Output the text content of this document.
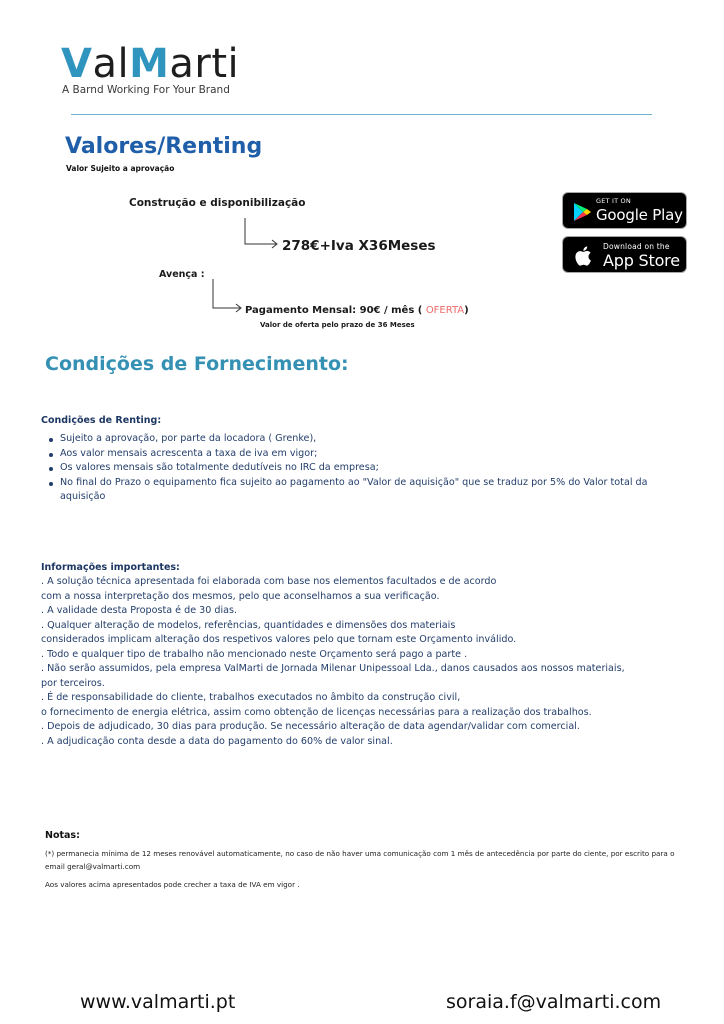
ValMarti
A Barnd Working For Your Brand
Valores/Renting
Valor Sujeito a aprovação
Construção e disponibilização
278€+Iva X36Meses
Avença :
Pagamento Mensal: 90€ / mês ( OFERTA)
Valor de oferta pelo prazo de 36 Meses
GET IT ON
Google Play
Download on the
App Store
Condições de Fornecimento:
Condições de Renting:
Sujeito a aprovação, por parte da locadora ( Grenke),
Aos valor mensais acrescenta a taxa de iva em vigor;
Os valores mensais são totalmente dedutíveis no IRC da empresa;
No final do Prazo o equipamento fica sujeito ao pagamento ao "Valor de aquisição" que se traduz por 5% do Valor total da aquisição
Informações importantes:
. A solução técnica apresentada foi elaborada com base nos elementos facultados e de acordo
com a nossa interpretação dos mesmos, pelo que aconselhamos a sua verificação.
. A validade desta Proposta é de 30 dias.
. Qualquer alteração de modelos, referências, quantidades e dimensões dos materiais
considerados implicam alteração dos respetivos valores pelo que tornam este Orçamento inválido.
. Todo e qualquer tipo de trabalho não mencionado neste Orçamento será pago a parte .
. Não serão assumidos, pela empresa ValMarti de Jornada Milenar Unipessoal Lda., danos causados aos nossos materiais,
por terceiros.
. É de responsabilidade do cliente, trabalhos executados no âmbito da construção civil,
o fornecimento de energia elétrica, assim como obtenção de licenças necessárias para a realização dos trabalhos.
. Depois de adjudicado, 30 dias para produção. Se necessário alteração de data agendar/validar com comercial.
. A adjudicação conta desde a data do pagamento do 60% de valor sinal.
Notas:
(*) permanecia mínima de 12 meses renovável automaticamente, no caso de não haver uma comunicação com 1 mês de antecedência por parte do ciente, por escrito para o email geral@valmarti.com
Aos valores acima apresentados pode crecher a taxa de IVA em vigor .
www.valmarti.pt	soraia.f@valmarti.com
